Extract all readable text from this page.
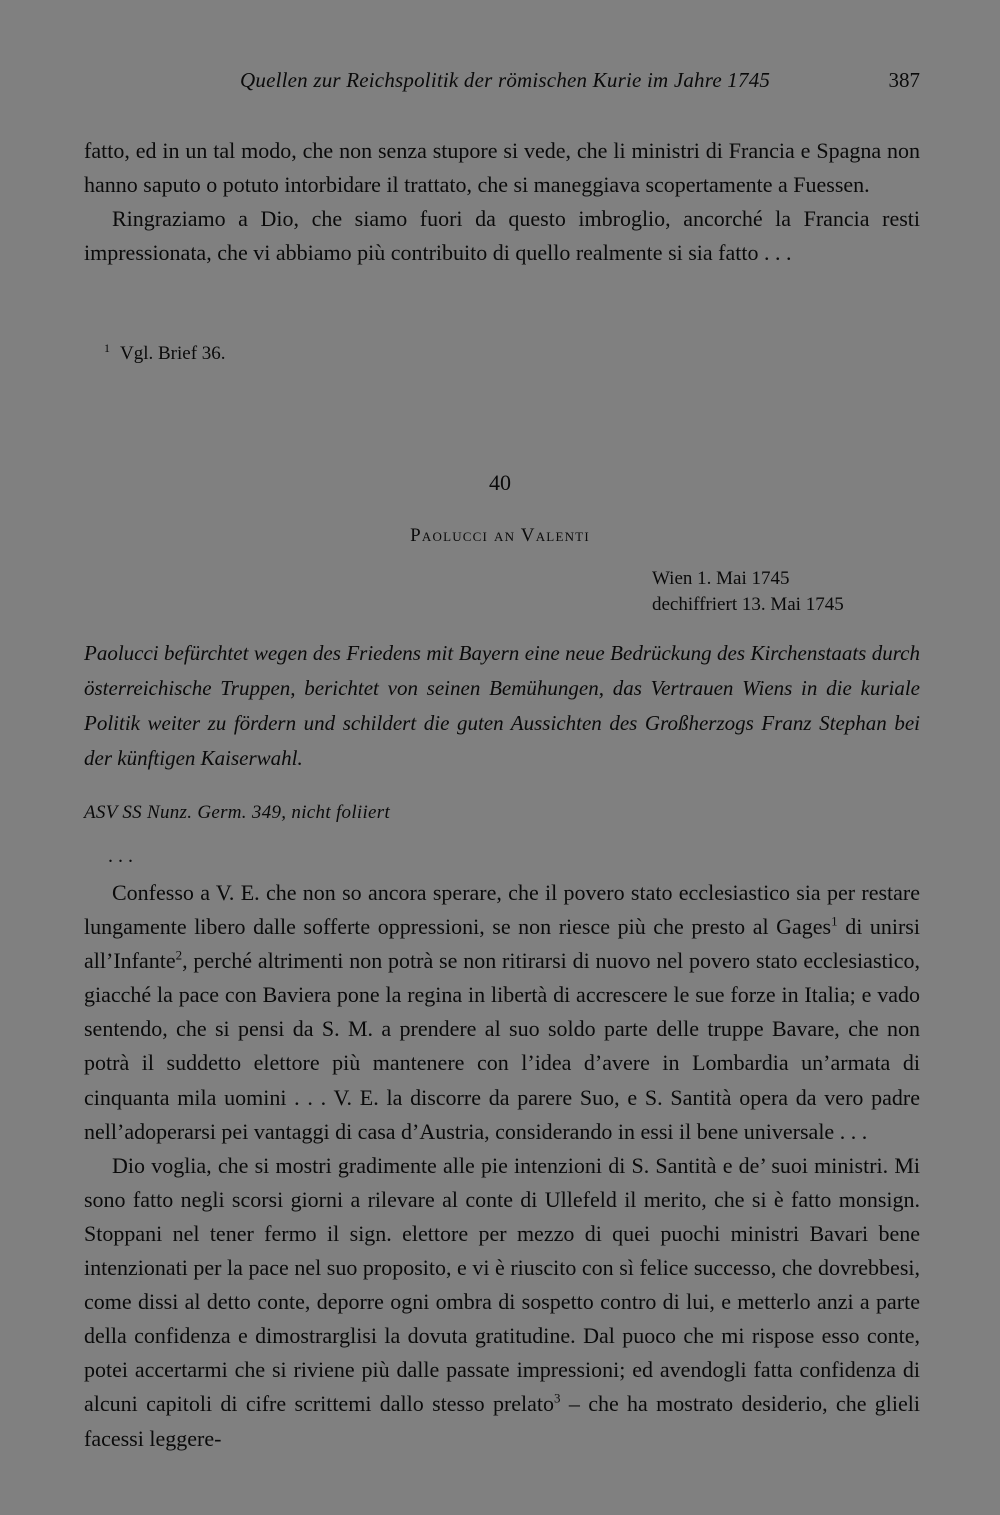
Quellen zur Reichspolitik der römischen Kurie im Jahre 1745	387

fatto, ed in un tal modo, che non senza stupore si vede, che li ministri di Francia e Spagna non hanno saputo o potuto intorbidare il trattato, che si maneggiava scopertamente a Fuessen.

Ringraziamo a Dio, che siamo fuori da questo imbroglio, ancorché la Francia resti impressionata, che vi abbiamo più contribuito di quello realmente si sia fatto . . .

$^1$ Vgl. Brief 36.
40
Paolucci an Valenti
Wien 1. Mai 1745
dechiffriert 13. Mai 1745
Paolucci befürchtet wegen des Friedens mit Bayern eine neue Bedrückung des Kirchenstaats durch österreichische Truppen, berichtet von seinen Bemühungen, das Vertrauen Wiens in die kuriale Politik weiter zu fördern und schildert die guten Aussichten des Großherzogs Franz Stephan bei der künftigen Kaiserwahl.
ASV SS Nunz. Germ. 349, nicht foliiert
. . .

Confesso a V. E. che non so ancora sperare, che il povero stato ecclesiastico sia per restare lungamente libero dalle sofferte oppressioni, se non riesce più che presto al Gages$^1$ di unirsi all’Infante$^2$, perché altrimenti non potrà se non ritirarsi di nuovo nel povero stato ecclesiastico, giacché la pace con Baviera pone la regina in libertà di accrescere le sue forze in Italia; e vado sentendo, che si pensi da S. M. a prendere al suo soldo parte delle truppe Bavare, che non potrà il suddetto elettore più mantenere con l’idea d’avere in Lombardia un’armata di cinquanta mila uomini . . . V. E. la discorre da parere Suo, e S. Santità opera da vero padre nell’adoperarsi pei vantaggi di casa d’Austria, considerando in essi il bene universale . . .

Dio voglia, che si mostri gradimente alle pie intenzioni di S. Santità e de’ suoi ministri. Mi sono fatto negli scorsi giorni a rilevare al conte di Ullefeld il merito, che si è fatto monsign. Stoppani nel tener fermo il sign. elettore per mezzo di quei puochi ministri Bavari bene intenzionati per la pace nel suo proposito, e vi è riuscito con sì felice successo, che dovrebbesi, come dissi al detto conte, deporre ogni ombra di sospetto contro di lui, e metterlo anzi a parte della confidenza e dimostrarglisi la dovuta gratitudine. Dal puoco che mi rispose esso conte, potei accertarmi che si riviene più dalle passate impressioni; ed avendogli fatta confidenza di alcuni capitoli di cifre scrittemi dallo stesso prelato$^3$ – che ha mostrato desiderio, che glieli facessi leggere-
